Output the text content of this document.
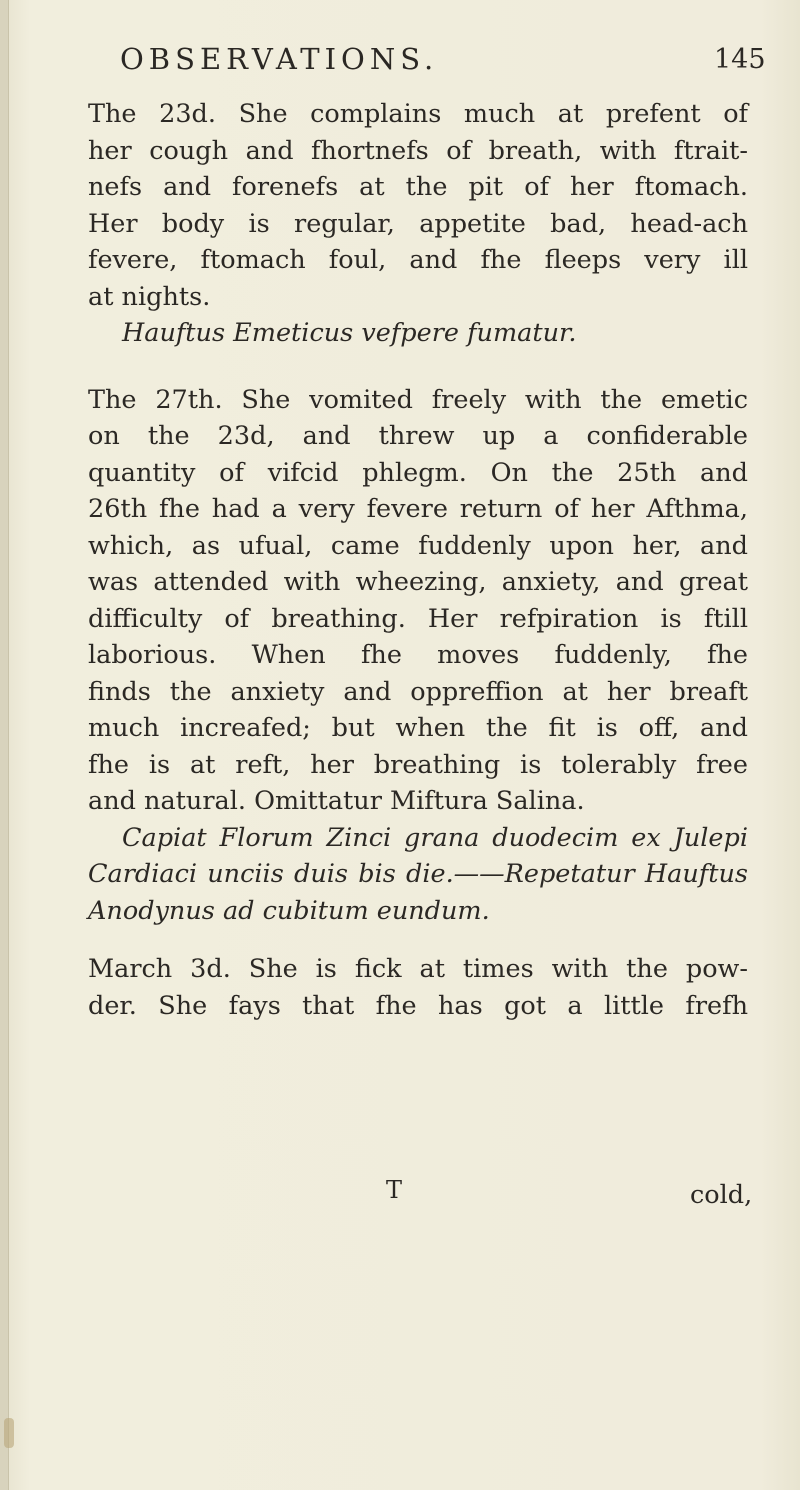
OBSERVATIONS.	145

The 23d. She complains much at prefent of
her cough and fhortnefs of breath, with ftrait-
nefs and forenefs at the pit of her ftomach.
Her body is regular, appetite bad, head-ach
fevere, ftomach foul, and fhe fleeps very ill
at nights.
Hauftus Emeticus vefpere fumatur.

The 27th. She vomited freely with the emetic
on the 23d, and threw up a confiderable
quantity of vifcid phlegm. On the 25th and
26th fhe had a very fevere return of her Afthma,
which, as ufual, came fuddenly upon her, and
was attended with wheezing, anxiety, and great
difficulty of breathing. Her refpiration is ftill
laborious. When fhe moves fuddenly, fhe
finds the anxiety and oppreffion at her breaft
much increafed; but when the fit is off, and
fhe is at reft, her breathing is tolerably free
and natural. Omittatur Miftura Salina.
Capiat Florum Zinci grana duodecim ex Julepi
Cardiaci unciis duis bis die.——Repetatur Hauftus
Anodynus ad cubitum eundum.

March 3d. She is fick at times with the pow-
der. She fays that fhe has got a little frefh

T	cold,
